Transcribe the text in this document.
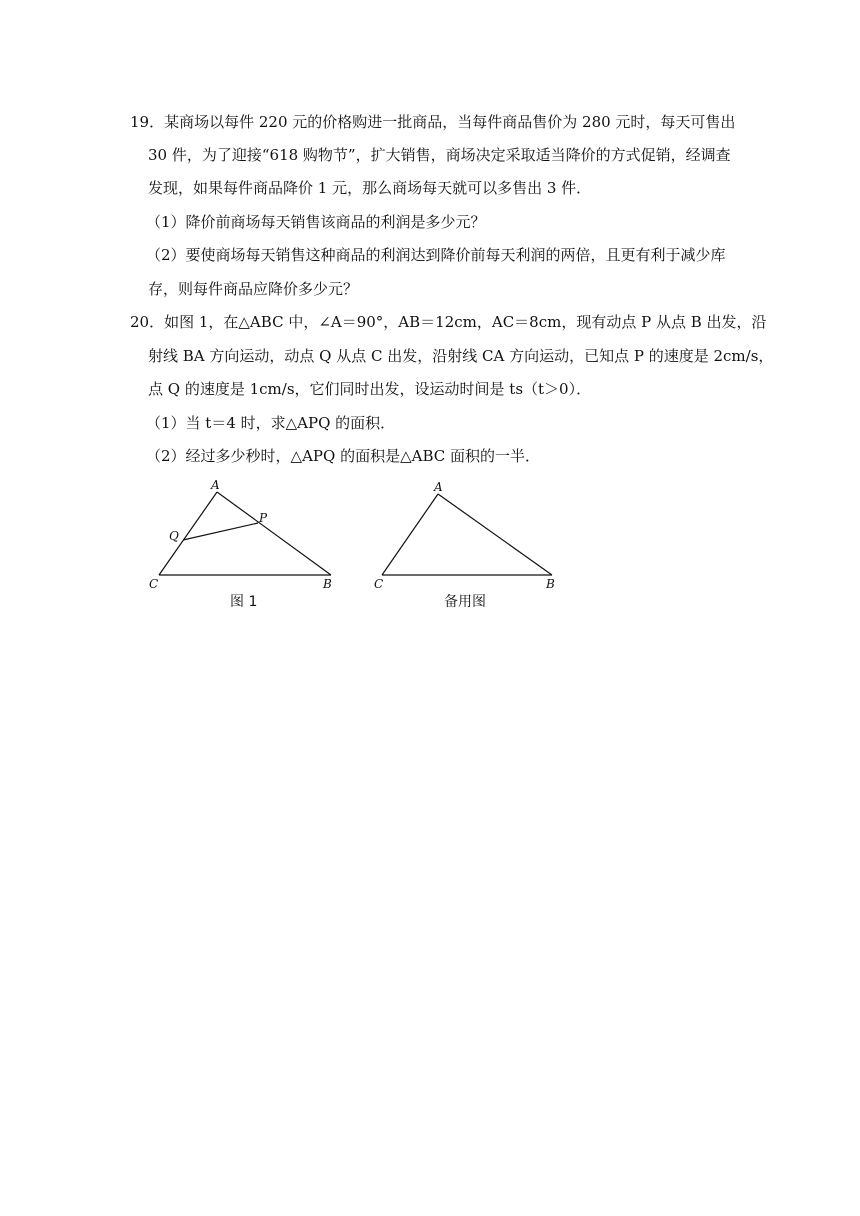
19．某商场以每件 220 元的价格购进一批商品，当每件商品售价为 280 元时，每天可售出
30 件，为了迎接“618 购物节”，扩大销售，商场决定采取适当降价的方式促销，经调查
发现，如果每件商品降价 1 元，那么商场每天就可以多售出 3 件．
（1）降价前商场每天销售该商品的利润是多少元？
（2）要使商场每天销售这种商品的利润达到降价前每天利润的两倍，且更有利于减少库
存，则每件商品应降价多少元？
20．如图 1，在△ABC 中，∠A＝90°，AB＝12cm，AC＝8cm，现有动点 P 从点 B 出发，沿
射线 BA 方向运动，动点 Q 从点 C 出发，沿射线 CA 方向运动，已知点 P 的速度是 2cm/s，
点 Q 的速度是 1cm/s，它们同时出发，设运动时间是 ts（t＞0）．
（1）当 t＝4 时，求△APQ 的面积．
（2）经过多少秒时，△APQ 的面积是△ABC 面积的一半．
A
C	B
P
Q
图 1
A
C	B
备用图
